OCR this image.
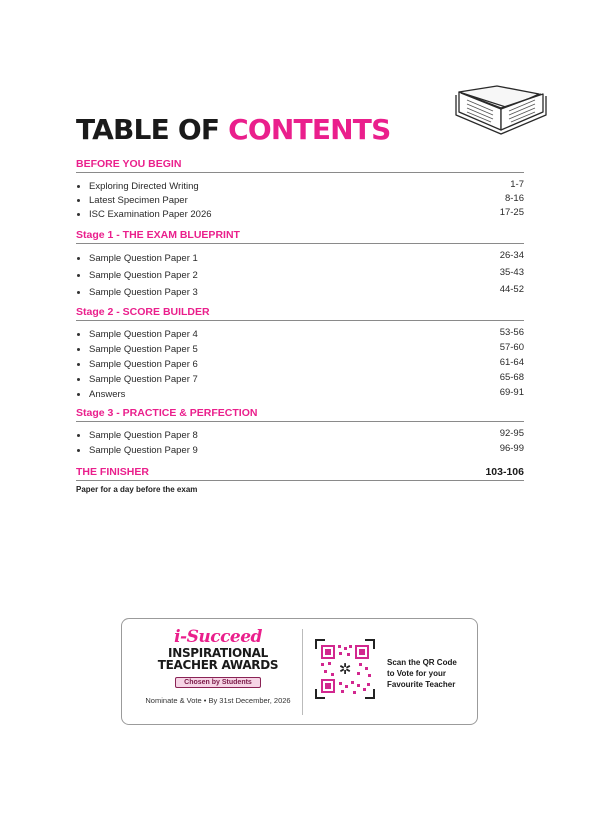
TABLE OF CONTENTS
BEFORE YOU BEGIN
Exploring Directed Writing	1-7
Latest Specimen Paper	8-16
ISC Examination Paper 2026	17-25
Stage 1 - THE EXAM BLUEPRINT
Sample Question Paper 1	26-34
Sample Question Paper 2	35-43
Sample Question Paper 3	44-52
Stage 2 - SCORE BUILDER
Sample Question Paper 4	53-56
Sample Question Paper 5	57-60
Sample Question Paper 6	61-64
Sample Question Paper 7	65-68
Answers	69-91
Stage 3 - PRACTICE & PERFECTION
Sample Question Paper 8	92-95
Sample Question Paper 9	96-99
THE FINISHER	103-106
Paper for a day before the exam
i-Succeed
INSPIRATIONAL
TEACHER AWARDS
Chosen by Students
Nominate & Vote • By 31st December, 2026
✲	Scan the QR Code
to Vote for your
Favourite Teacher
